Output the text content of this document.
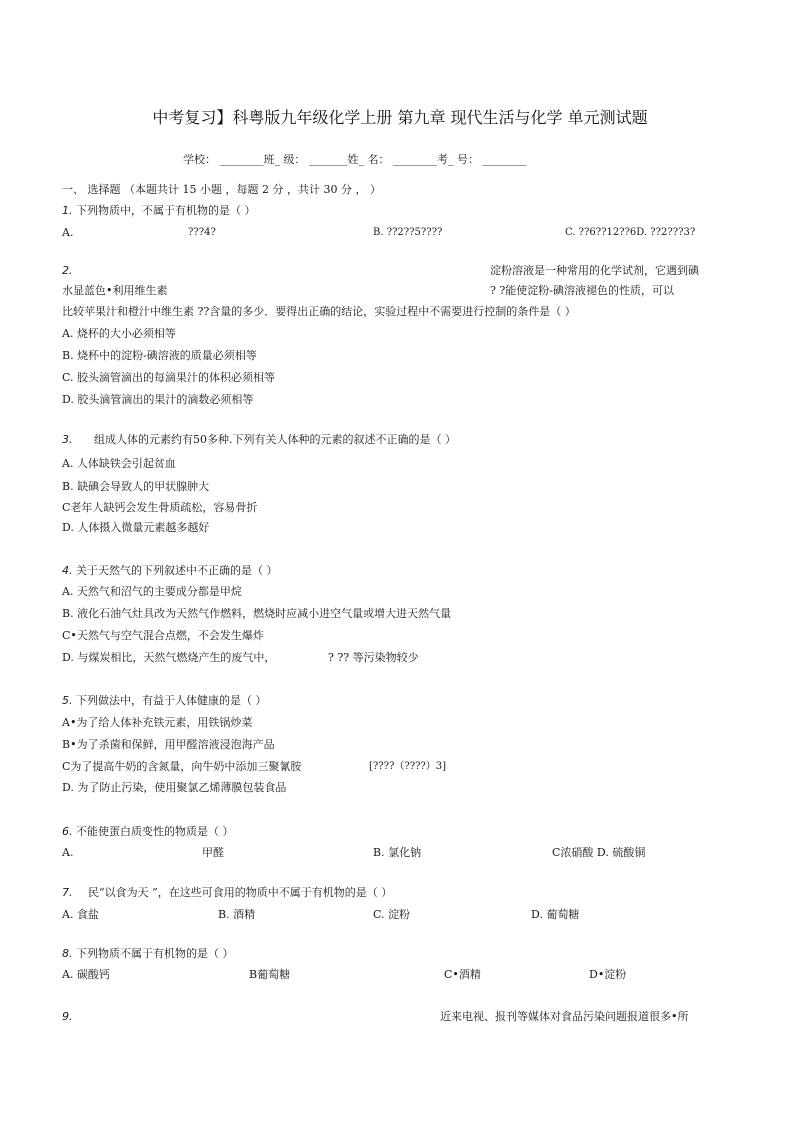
中考复习】科粤版九年级化学上册 第九章 现代生活与化学 单元测试题
学校： ________班_ 级： _______姓_ 名： ________考_ 号： ________
一、 选择题 （本题共计 15 小题 ，每题 2 分 ，共计 30 分 ， ）
1. 下列物质中，不属于有机物的是（ ）
A.	???4?	B. ??2??5????	C. ??6??12??6D. ??2???3?
2.	淀粉溶液是一种常用的化学试剂，它遇到碘
水显蓝色•利用维生素	? ?能使淀粉-碘溶液褪色的性质，可以
比较苹果汁和橙汁中维生素 ??含量的多少．要得出正确的结论，实验过程中不需要进行控制的条件是（ ）
A. 烧杯的大小必须相等
B. 烧杯中的淀粉-碘溶液的质量必须相等
C. 胶头滴管滴出的每滴果汁的体积必须相等
D. 胶头滴管滴出的果汁的滴数必须相等
3. 组成人体的元素约有50多种.下列有关人体种的元素的叙述不正确的是（ ）
A. 人体缺铁会引起贫血
B. 缺碘会导致人的甲状腺肿大
C老年人缺钙会发生骨质疏松，容易骨折
D. 人体摄入微量元素越多越好
4. 关于天然气的下列叙述中不正确的是（ ）
A. 天然气和沼气的主要成分都是甲烷
B. 液化石油气灶具改为天然气作燃料，燃烧时应减小进空气量或增大进天然气量
C•天然气与空气混合点燃，不会发生爆炸
D. 与煤炭相比，天然气燃烧产生的废气中，	? ?? 等污染物较少
5. 下列做法中，有益于人体健康的是（ ）
A•为了给人体补充铁元素，用铁锅炒菜
B•为了杀菌和保鲜，用甲醛溶液浸泡海产品
C为了提高牛奶的含氮量，向牛奶中添加三聚氰胺	[????（????）3]
D. 为了防止污染，使用聚氯乙烯薄膜包装食品
6. 不能使蛋白质变性的物质是（ ）
A.	甲醛	B. 氯化钠	C浓硝酸 D. 硫酸铜
7. 民“以食为天 ”，在这些可食用的物质中不属于有机物的是（ ）
A. 食盐	B. 酒精	C. 淀粉	D. 葡萄糖
8. 下列物质不属于有机物的是（ ）
A. 碳酸钙	B葡萄糖	C•酒精	D•淀粉
9.	近来电视、报刊等媒体对食品污染问题报道很多•所
